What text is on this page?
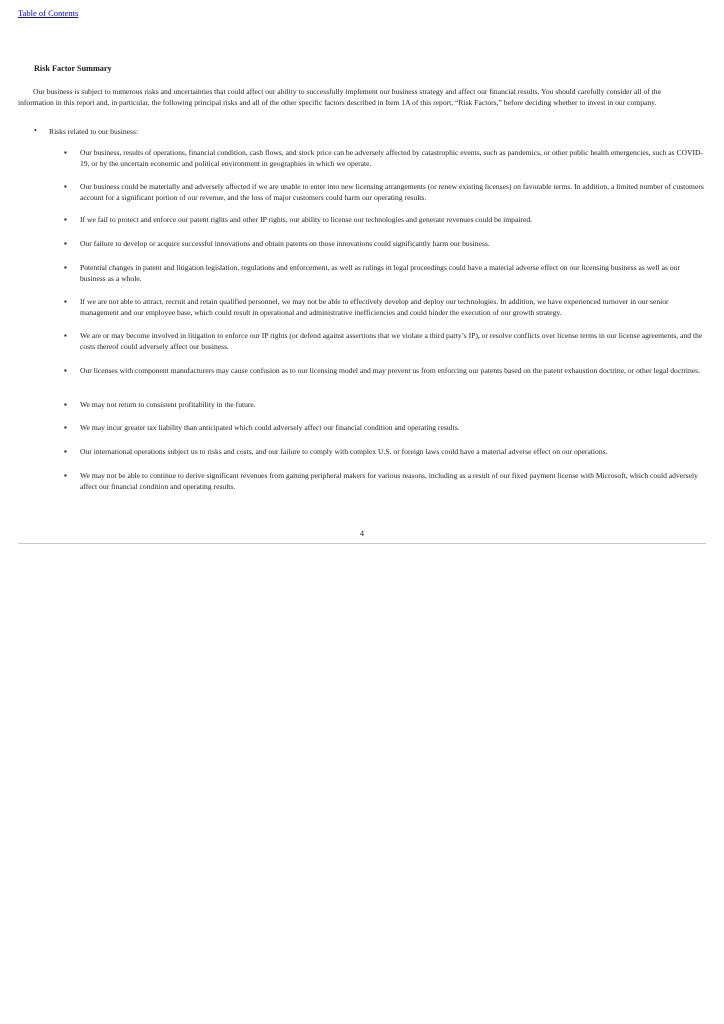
Table of Contents
Risk Factor Summary

Our business is subject to numerous risks and uncertainties that could affect our ability to successfully implement our business strategy and affect our financial results. You should carefully consider all of the information in this report and, in particular, the following principal risks and all of the other specific factors described in Item 1A of this report, “Risk Factors,” before deciding whether to invest in our company.

• Risks related to our business:
▪ Our business, results of operations, financial condition, cash flows, and stock price can be adversely affected by catastrophic events, such as pandemics, or other public health emergencies, such as COVID-19, or by the uncertain economic and political environment in geographies in which we operate.
▪ Our business could be materially and adversely affected if we are unable to enter into new licensing arrangements (or renew existing licenses) on favorable terms. In addition, a limited number of customers account for a significant portion of our revenue, and the loss of major customers could harm our operating results.
▪ If we fail to protect and enforce our patent rights and other IP rights, our ability to license our technologies and generate revenues could be impaired.
▪ Our failure to develop or acquire successful innovations and obtain patents on those innovations could significantly harm our business.
▪ Potential changes in patent and litigation legislation, regulations and enforcement, as well as rulings in legal proceedings could have a material adverse effect on our licensing business as well as our business as a whole.
▪ If we are not able to attract, recruit and retain qualified personnel, we may not be able to effectively develop and deploy our technologies. In addition, we have experienced turnover in our senior management and our employee base, which could result in operational and administrative inefficiencies and could hinder the execution of our growth strategy.
▪ We are or may become involved in litigation to enforce our IP rights (or defend against assertions that we violate a third party’s IP), or resolve conflicts over license terms in our license agreements, and the costs thereof could adversely affect our business.
▪ Our licenses with component manufacturers may cause confusion as to our licensing model and may prevent us from enforcing our patents based on the patent exhaustion doctrine, or other legal doctrines.
▪ We may not return to consistent profitability in the future.
▪ We may incur greater tax liability than anticipated which could adversely affect our financial condition and operating results.
▪ Our international operations subject us to risks and costs, and our failure to comply with complex U.S. or foreign laws could have a material adverse effect on our operations.
▪ We may not be able to continue to derive significant revenues from gaming peripheral makers for various reasons, including as a result of our fixed payment license with Microsoft, which could adversely affect our financial condition and operating results.
4
